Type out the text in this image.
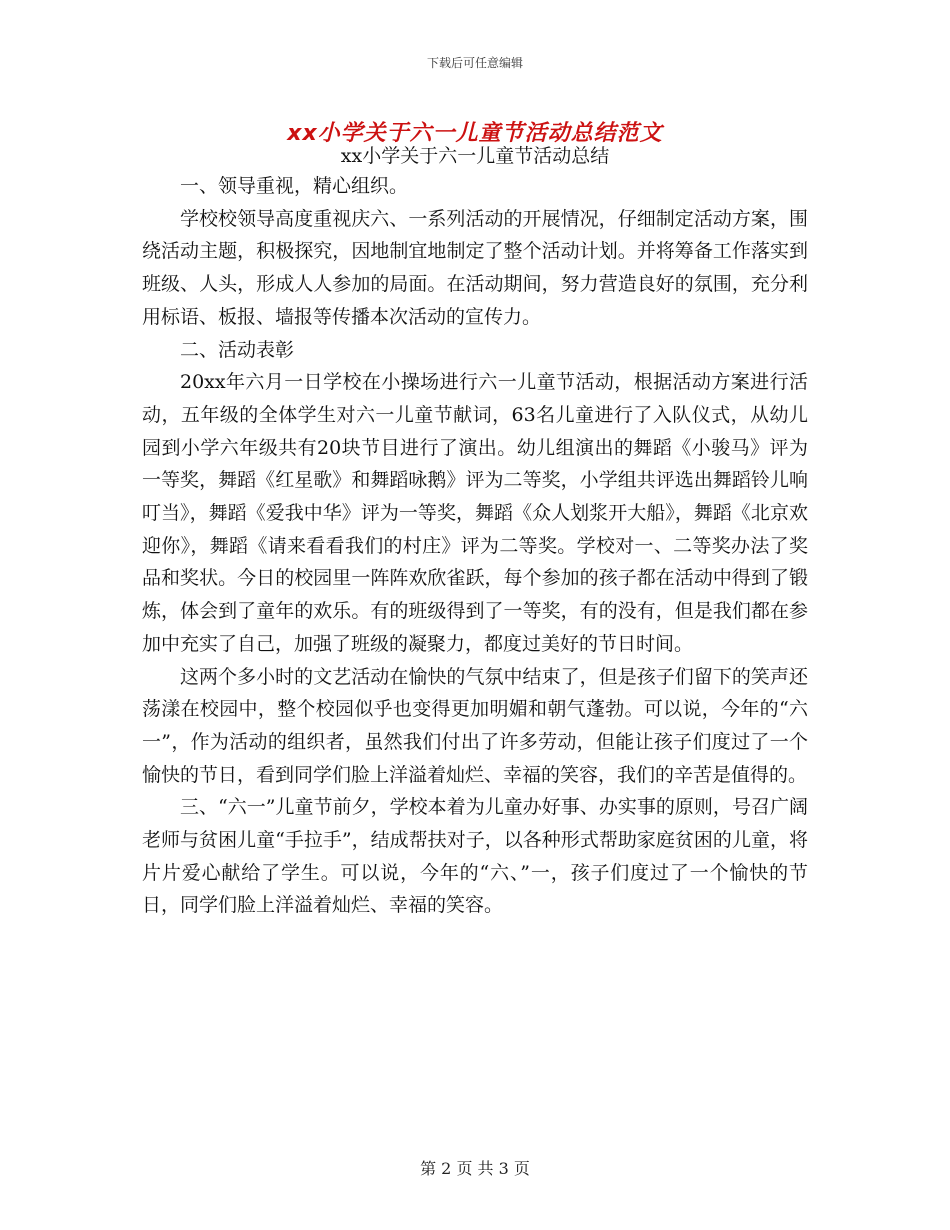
下载后可任意编辑
xx小学关于六一儿童节活动总结范文
xx小学关于六一儿童节活动总结

一、领导重视，精心组织。

学校校领导高度重视庆六、一系列活动的开展情况，仔细制定活动方案，围绕活动主题，积极探究，因地制宜地制定了整个活动计划。并将筹备工作落实到班级、人头，形成人人参加的局面。在活动期间，努力营造良好的氛围，充分利用标语、板报、墙报等传播本次活动的宣传力。

二、活动表彰

20xx年六月一日学校在小操场进行六一儿童节活动，根据活动方案进行活动，五年级的全体学生对六一儿童节献词，63名儿童进行了入队仪式，从幼儿园到小学六年级共有20块节目进行了演出。幼儿组演出的舞蹈《小骏马》评为一等奖，舞蹈《红星歌》和舞蹈咏鹅》评为二等奖，小学组共评选出舞蹈铃儿响叮当》，舞蹈《爱我中华》评为一等奖，舞蹈《众人划浆开大船》，舞蹈《北京欢迎你》，舞蹈《请来看看我们的村庄》评为二等奖。学校对一、二等奖办法了奖品和奖状。今日的校园里一阵阵欢欣雀跃，每个参加的孩子都在活动中得到了锻炼，体会到了童年的欢乐。有的班级得到了一等奖，有的没有，但是我们都在参加中充实了自己，加强了班级的凝聚力，都度过美好的节日时间。

这两个多小时的文艺活动在愉快的气氛中结束了，但是孩子们留下的笑声还荡漾在校园中，整个校园似乎也变得更加明媚和朝气蓬勃。可以说，今年的“六一”，作为活动的组织者，虽然我们付出了许多劳动，但能让孩子们度过了一个愉快的节日，看到同学们脸上洋溢着灿烂、幸福的笑容，我们的辛苦是值得的。

三、“六一”儿童节前夕，学校本着为儿童办好事、办实事的原则，号召广阔老师与贫困儿童“手拉手”，结成帮扶对子，以各种形式帮助家庭贫困的儿童，将片片爱心献给了学生。可以说，今年的“六、”一，孩子们度过了一个愉快的节日，同学们脸上洋溢着灿烂、幸福的笑容。

第 2 页 共 3 页
